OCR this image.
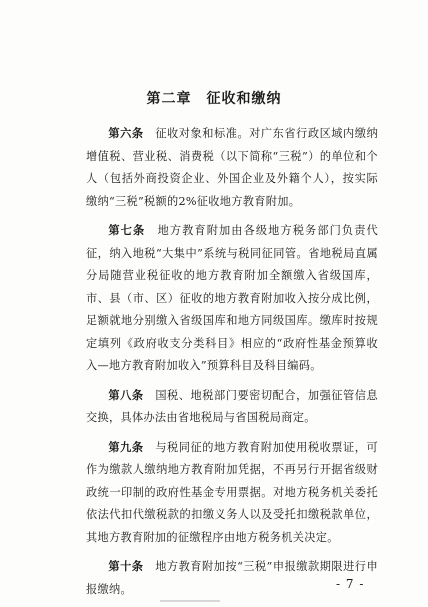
第二章　征收和缴纳

第六条　 征收对象和标准。对广东省行政区域内缴纳增值税、营业税、消费税（以下简称“三税”）的单位和个人（包括外商投资企业、外国企业及外籍个人），按实际缴纳“三税”税额的2%征收地方教育附加。

第七条　 地方教育附加由各级地方税务部门负责代征，纳入地税“大集中”系统与税同征同管。省地税局直属分局随营业税征收的地方教育附加全额缴入省级国库，市、县（市、区）征收的地方教育附加收入按分成比例，足额就地分别缴入省级国库和地方同级国库。缴库时按规定填列《政府收支分类科目》相应的“政府性基金预算收入—地方教育附加收入”预算科目及科目编码。

第八条　 国税、地税部门要密切配合，加强征管信息交换，具体办法由省地税局与省国税局商定。

第九条　 与税同征的地方教育附加使用税收票证，可作为缴款人缴纳地方教育附加凭据，不再另行开据省级财政统一印制的政府性基金专用票据。对地方税务机关委托依法代扣代缴税款的扣缴义务人以及受托扣缴税款单位，其地方教育附加的征缴程序由地方税务机关决定。

第十条　 地方教育附加按“三税”申报缴款期限进行申报缴纳。	- 7 -
